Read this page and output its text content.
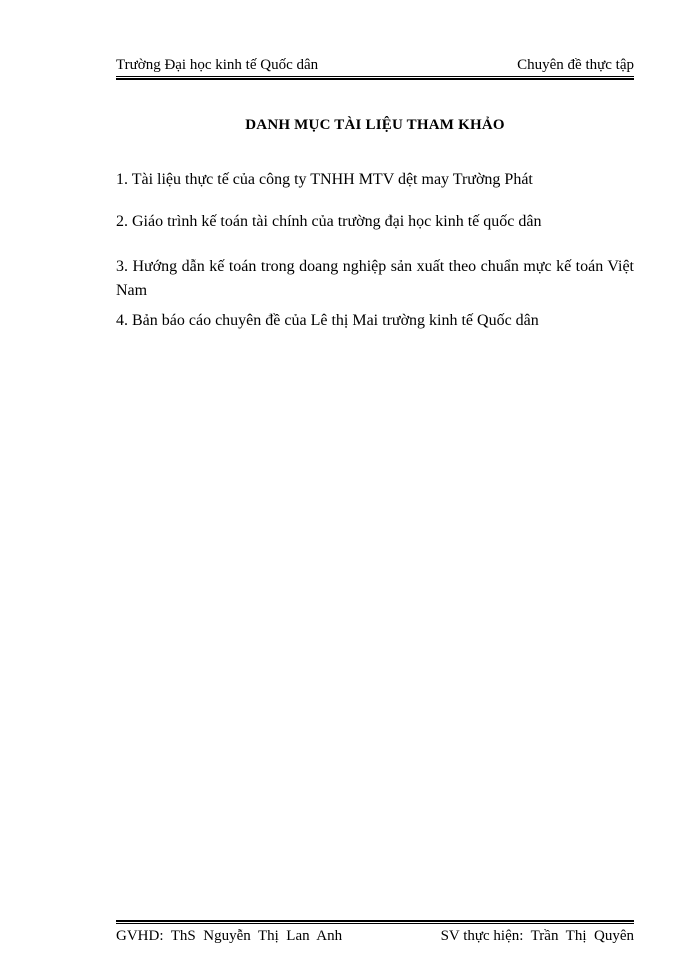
Trường Đại học kinh tế Quốc dân	Chuyên đề thực tập
DANH MỤC TÀI LIỆU THAM KHẢO
1. Tài liệu thực tế của công ty TNHH MTV dệt may Trường Phát
2. Giáo trình kế toán tài chính của trường đại học kinh tế quốc dân
3. Hướng dẫn kế toán trong doang nghiệp sản xuất theo chuẩn mực kế toán Việt Nam
4. Bản báo cáo chuyên đề của Lê thị Mai trường kinh tế Quốc dân
GVHD:  ThS  Nguyễn  Thị  Lan  Anh	SV thực hiện:  Trần  Thị  Quyên
